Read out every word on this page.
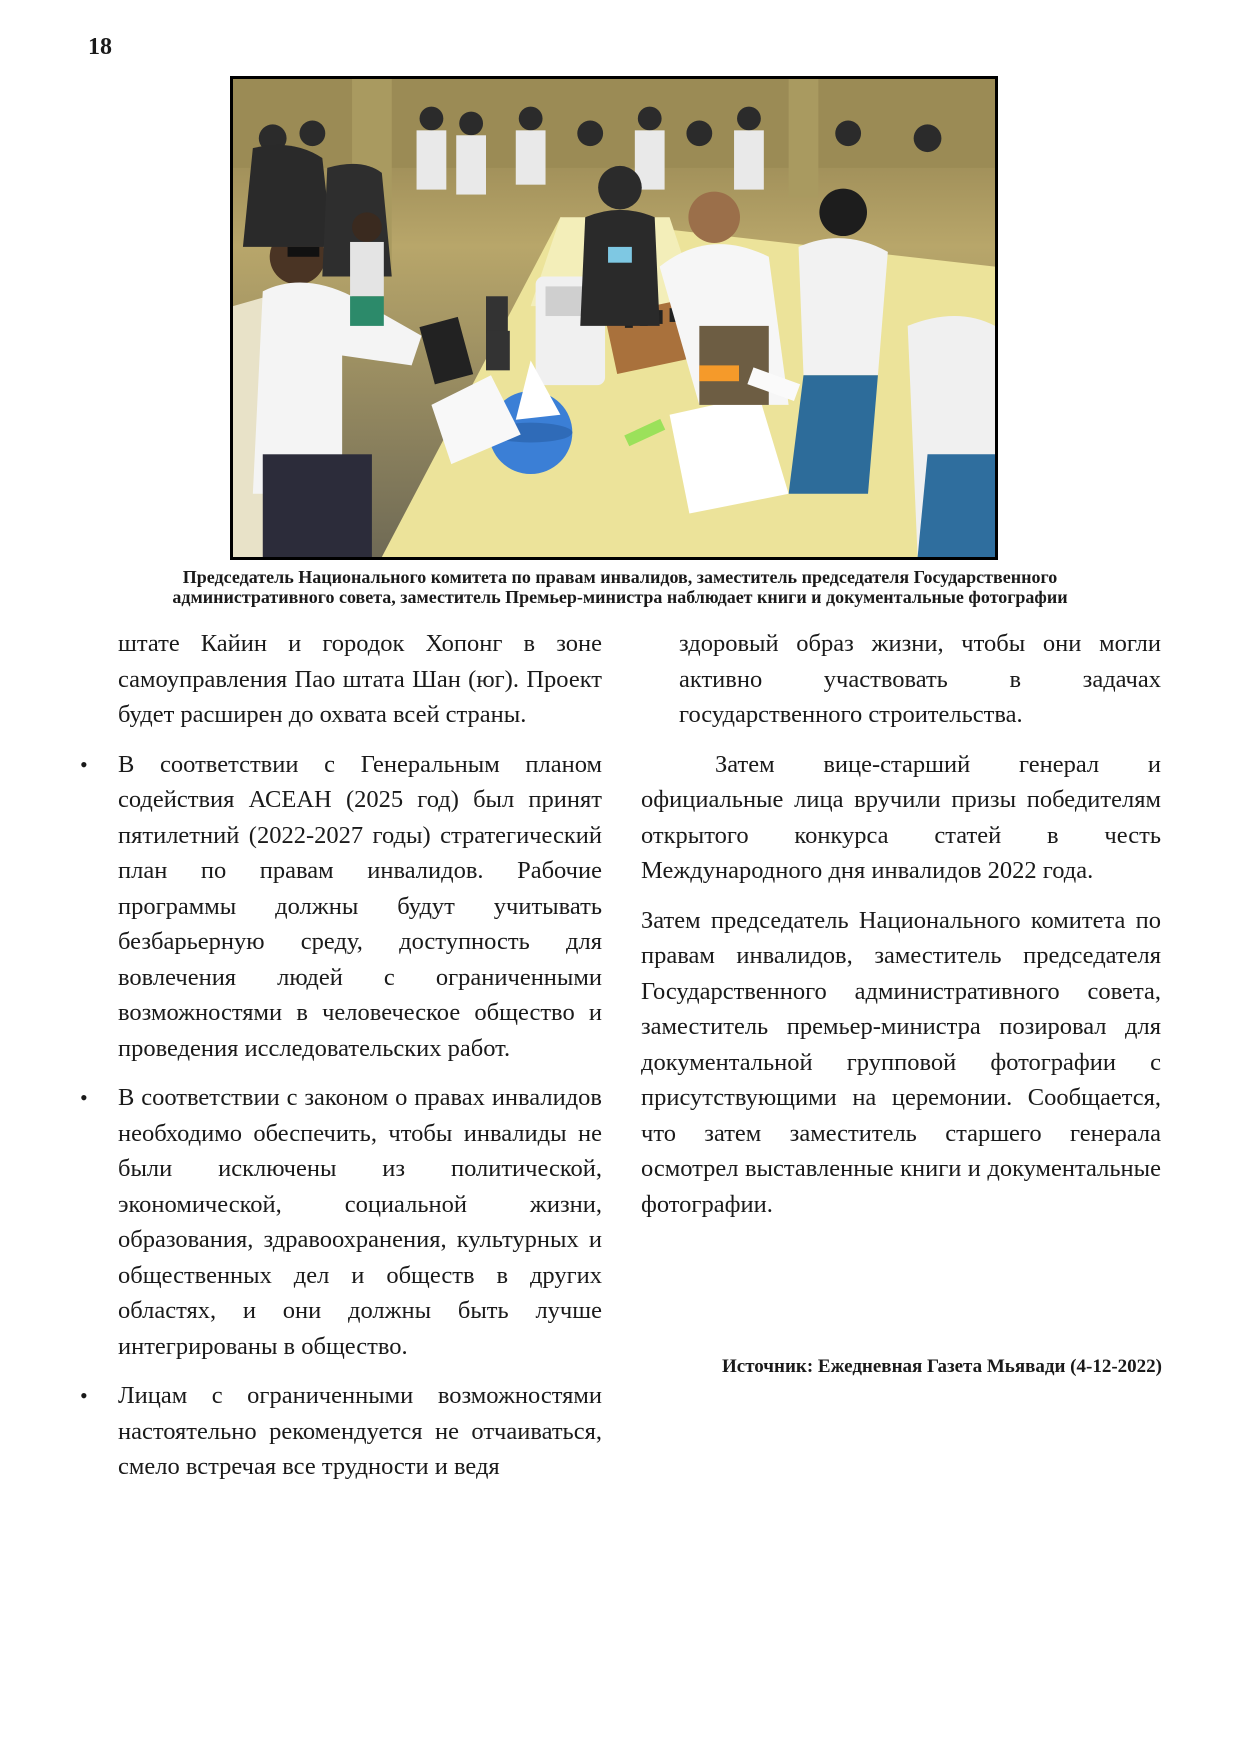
18
Председатель Национального комитета по правам инвалидов, заместитель председателя Государственного
административного совета, заместитель Премьер-министра наблюдает книги и документальные фотографии

штате Кайин и городок Хопонг в зоне самоуправления Пао штата Шан (юг). Проект будет расширен до охвата всей страны.

• В соответствии с Генеральным планом содействия АСЕАН (2025 год) был принят пятилетний (2022-2027 годы) стратегический план по правам инвалидов. Рабочие программы должны будут учитывать безбарьерную среду, доступность для вовлечения людей с ограниченными возможностями в человеческое общество и проведения исследовательских работ.
• В соответствии с законом о правах инвалидов необходимо обеспечить, чтобы инвалиды не были исключены из политической, экономической, социальной жизни, образования, здравоохранения, культурных и общественных дел и обществ в других областях, и они должны быть лучше интегрированы в общество.
• Лицам с ограниченными возможностями настоятельно рекомендуется не отчаиваться, смело встречая все трудности и ведя

здоровый образ жизни, чтобы они могли активно участвовать в задачах государственного строительства.

Затем вице-старший генерал и официальные лица вручили призы победителям открытого конкурса статей в честь Международного дня инвалидов 2022 года.

Затем председатель Национального комитета по правам инвалидов, заместитель председателя Государственного административного совета, заместитель премьер-министра позировал для документальной групповой фотографии с присутствующими на церемонии. Сообщается, что затем заместитель старшего генерала осмотрел выставленные книги и документальные фотографии.

Источник: Ежедневная Газета Мьявади (4-12-2022)
